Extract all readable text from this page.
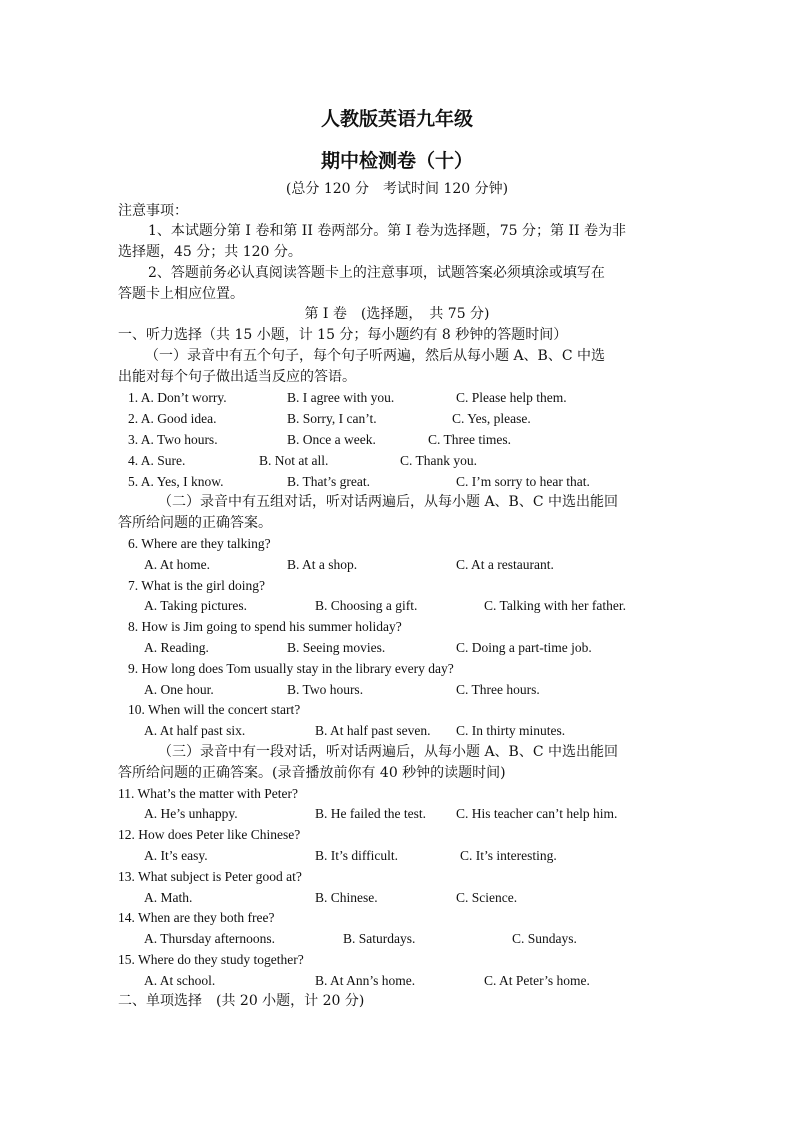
人教版英语九年级
期中检测卷（十）
(总分 120 分　考试时间 120 分钟)
注意事项：
1、本试题分第 I 卷和第 II 卷两部分。第 I 卷为选择题，75 分；第 II 卷为非
选择题，45 分；共 120 分。
2、答题前务必认真阅读答题卡上的注意事项，试题答案必须填涂或填写在
答题卡上相应位置。
第 I 卷　(选择题，　共 75 分)
一、听力选择（共 15 小题，计 15 分；每小题约有 8 秒钟的答题时间）
（一）录音中有五个句子，每个句子听两遍，然后从每小题 A、B、C 中选
出能对每个句子做出适当反应的答语。
1. A. Don’t worry.	B. I agree with you.	C. Please help them.
2. A. Good idea.	B. Sorry, I can’t.	C. Yes, please.
3. A. Two hours.	B. Once a week.	C. Three times.
4. A. Sure.	B. Not at all.	C. Thank you.
5. A. Yes, I know.	B. That’s great.	C. I’m sorry to hear that.
（二）录音中有五组对话，听对话两遍后，从每小题 A、B、C 中选出能回
答所给问题的正确答案。
6. Where are they talking?
A. At home.	B. At a shop.	C. At a restaurant.
7. What is the girl doing?
A. Taking pictures.	B. Choosing a gift.	C. Talking with her father.
8. How is Jim going to spend his summer holiday?
A. Reading.	B. Seeing movies.	C. Doing a part-time job.
9. How long does Tom usually stay in the library every day?
A. One hour.	B. Two hours.	C. Three hours.
10. When will the concert start?
A. At half past six.	B. At half past seven. C. In thirty minutes.
（三）录音中有一段对话，听对话两遍后，从每小题 A、B、C 中选出能回
答所给问题的正确答案。(录音播放前你有 40 秒钟的读题时间)
11. What’s the matter with Peter?
A. He’s unhappy.	B. He failed the test. C. His teacher can’t help him.
12. How does Peter like Chinese?
A. It’s easy.	B. It’s difficult.	C. It’s interesting.
13. What subject is Peter good at?
A. Math.	B. Chinese.	C. Science.
14. When are they both free?
A. Thursday afternoons.	B. Saturdays.	C. Sundays.
15. Where do they study together?
A. At school.	B. At Ann’s home.	C. At Peter’s home.
二、单项选择　(共 20 小题，计 20 分)
